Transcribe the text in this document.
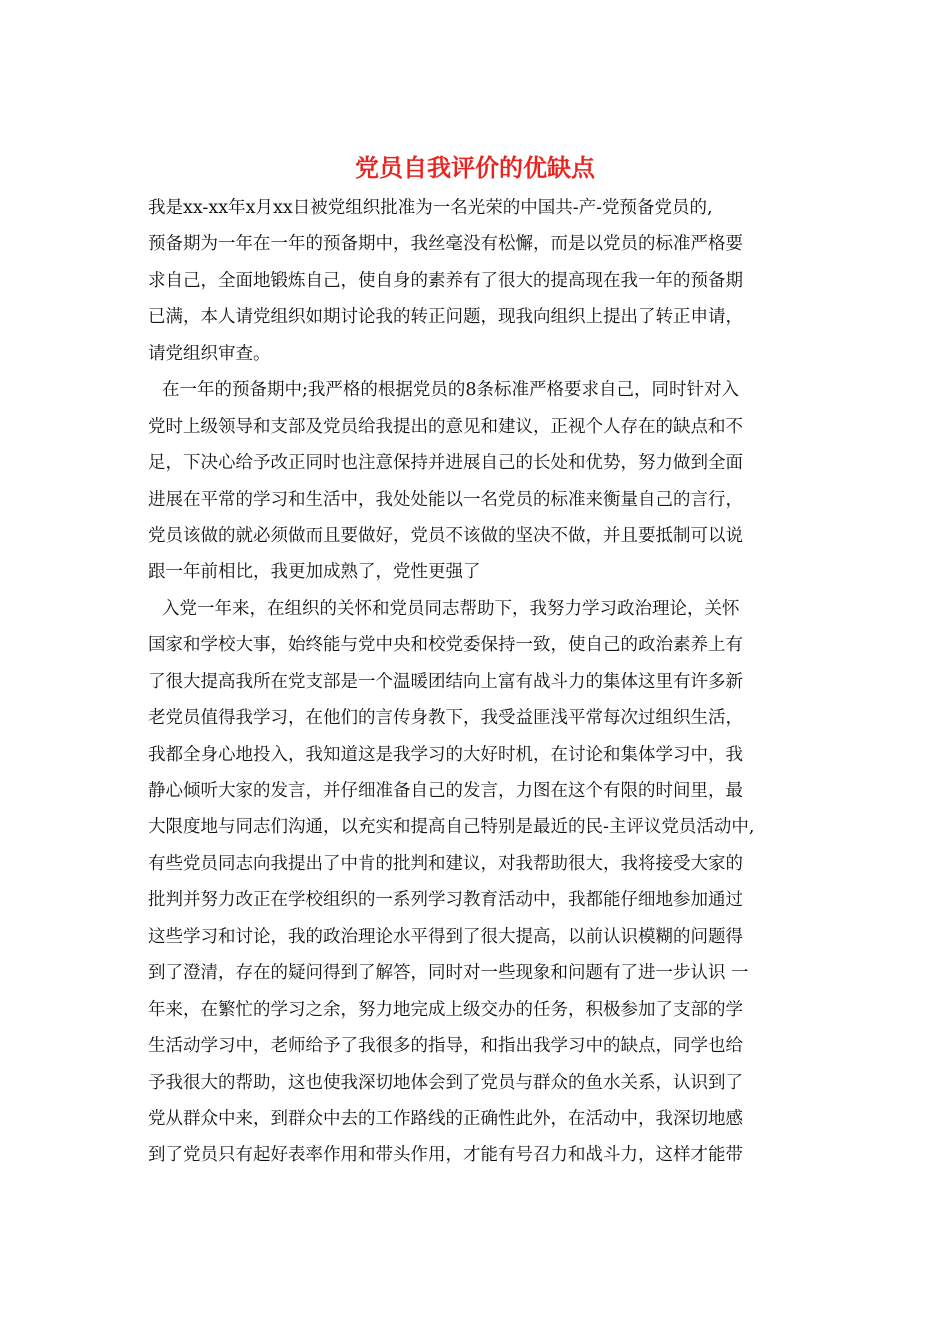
党员自我评价的优缺点
我是xx-xx年x月xx日被党组织批准为一名光荣的中国共-产-党预备党员的,
预备期为一年在一年的预备期中，我丝毫没有松懈，而是以党员的标准严格要
求自己，全面地锻炼自己，使自身的素养有了很大的提高现在我一年的预备期
已满，本人请党组织如期讨论我的转正问题，现我向组织上提出了转正申请，
请党组织审查。
在一年的预备期中;我严格的根据党员的8条标准严格要求自己，同时针对入
党时上级领导和支部及党员给我提出的意见和建议，正视个人存在的缺点和不
足，下决心给予改正同时也注意保持并进展自己的长处和优势，努力做到全面
进展在平常的学习和生活中，我处处能以一名党员的标准来衡量自己的言行，
党员该做的就必须做而且要做好，党员不该做的坚决不做，并且要抵制可以说
跟一年前相比，我更加成熟了，党性更强了
入党一年来，在组织的关怀和党员同志帮助下，我努力学习政治理论，关怀
国家和学校大事，始终能与党中央和校党委保持一致，使自己的政治素养上有
了很大提高我所在党支部是一个温暖团结向上富有战斗力的集体这里有许多新
老党员值得我学习，在他们的言传身教下，我受益匪浅平常每次过组织生活，
我都全身心地投入，我知道这是我学习的大好时机，在讨论和集体学习中，我
静心倾听大家的发言，并仔细准备自己的发言，力图在这个有限的时间里，最
大限度地与同志们沟通，以充实和提高自己特别是最近的民-主评议党员活动中,
有些党员同志向我提出了中肯的批判和建议，对我帮助很大，我将接受大家的
批判并努力改正在学校组织的一系列学习教育活动中，我都能仔细地参加通过
这些学习和讨论，我的政治理论水平得到了很大提高，以前认识模糊的问题得
到了澄清，存在的疑问得到了解答，同时对一些现象和问题有了进一步认识 一
年来，在繁忙的学习之余，努力地完成上级交办的任务，积极参加了支部的学
生活动学习中，老师给予了我很多的指导，和指出我学习中的缺点，同学也给
予我很大的帮助，这也使我深切地体会到了党员与群众的鱼水关系，认识到了
党从群众中来，到群众中去的工作路线的正确性此外，在活动中，我深切地感
到了党员只有起好表率作用和带头作用，才能有号召力和战斗力，这样才能带
